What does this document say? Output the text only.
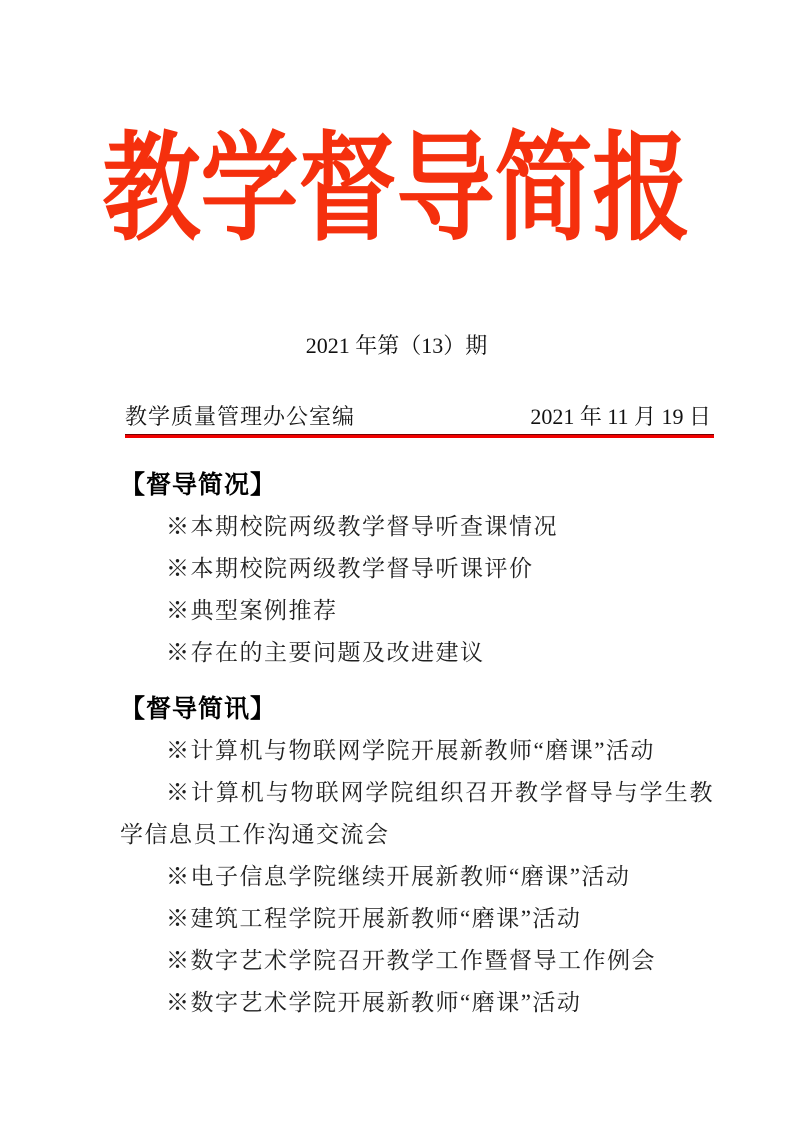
教学督导简报
2021 年第（13）期
教学质量管理办公室编	2021 年 11 月 19 日
【督导简况】

※本期校院两级教学督导听查课情况

※本期校院两级教学督导听课评价

※典型案例推荐

※存在的主要问题及改进建议

【督导简讯】

※计算机与物联网学院开展新教师“磨课”活动

※计算机与物联网学院组织召开教学督导与学生教学信息员工作沟通交流会

※电子信息学院继续开展新教师“磨课”活动

※建筑工程学院开展新教师“磨课”活动

※数字艺术学院召开教学工作暨督导工作例会

※数字艺术学院开展新教师“磨课”活动
